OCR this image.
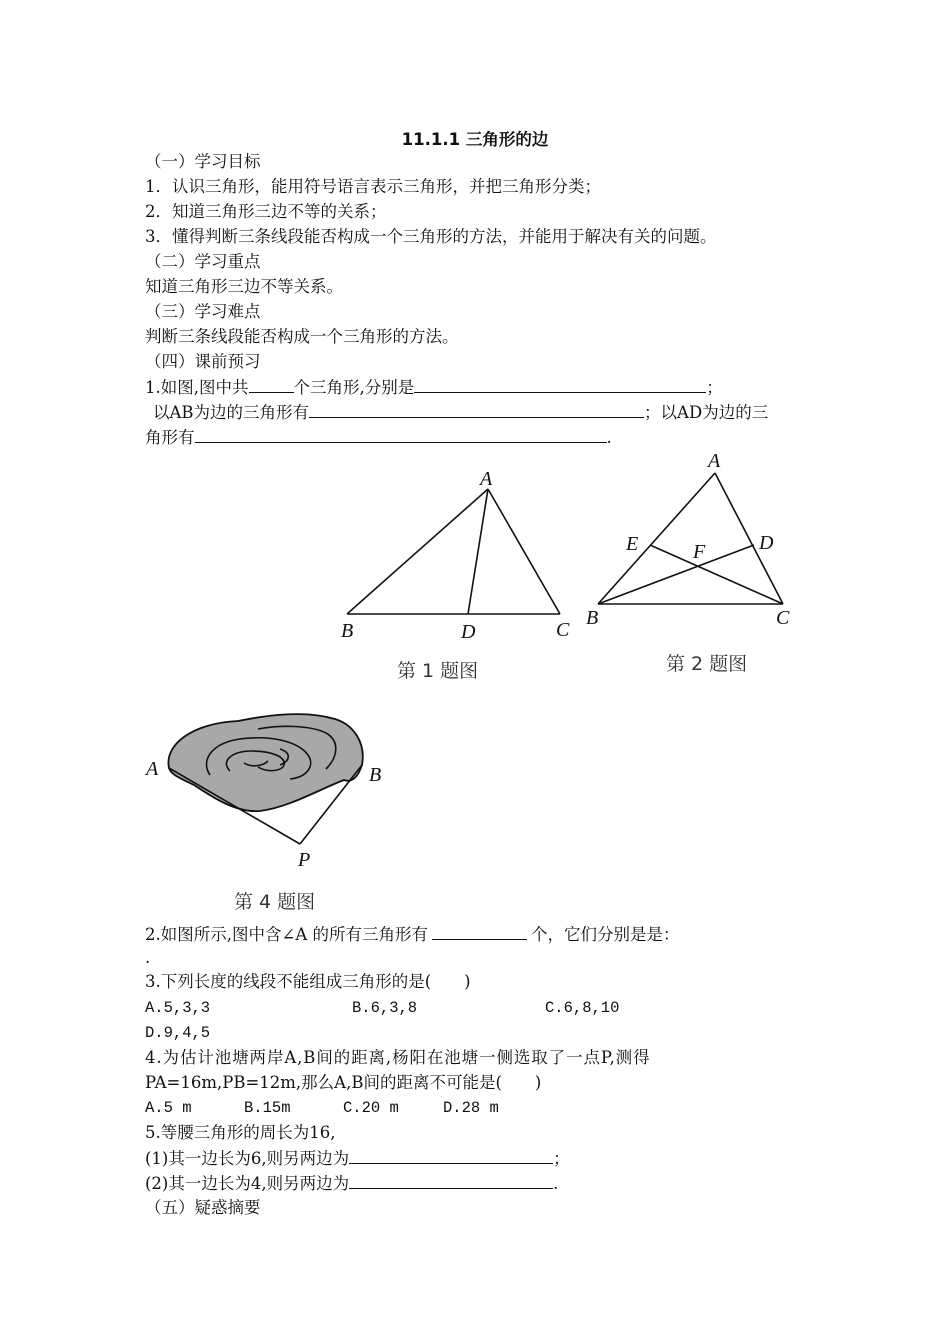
11.1.1 三角形的边
（一）学习目标
1．认识三角形，能用符号语言表示三角形，并把三角形分类；
2．知道三角形三边不等的关系；
3．懂得判断三条线段能否构成一个三角形的方法，并能用于解决有关的问题。
（二）学习重点
知道三角形三边不等关系。
（三）学习难点
判断三条线段能否构成一个三角形的方法。
（四）课前预习
1.如图,图中共	个三角形,分别是	；
以AB为边的三角形有	；以AD为边的三
角形有	.
A
B	D	C
第 1 题图
A
E	F	D
B	C
第 2 题图
A	B
P
第 4 题图
2.如图所示,图中含∠A 的所有三角形有	个，它们分别是是：
.
3.下列长度的线段不能组成三角形的是(　　)
A.5,3,3	B.6,3,8	C.6,8,10
D.9,4,5
4.为估计池塘两岸A,B间的距离,杨阳在池塘一侧选取了一点P,测得
PA=16m,PB=12m,那么A,B间的距离不可能是(　　)
A.5 m	B.15m	C.20 m	D.28 m
5.等腰三角形的周长为16,
(1)其一边长为6,则另两边为	；
(2)其一边长为4,则另两边为	.
（五）疑惑摘要
